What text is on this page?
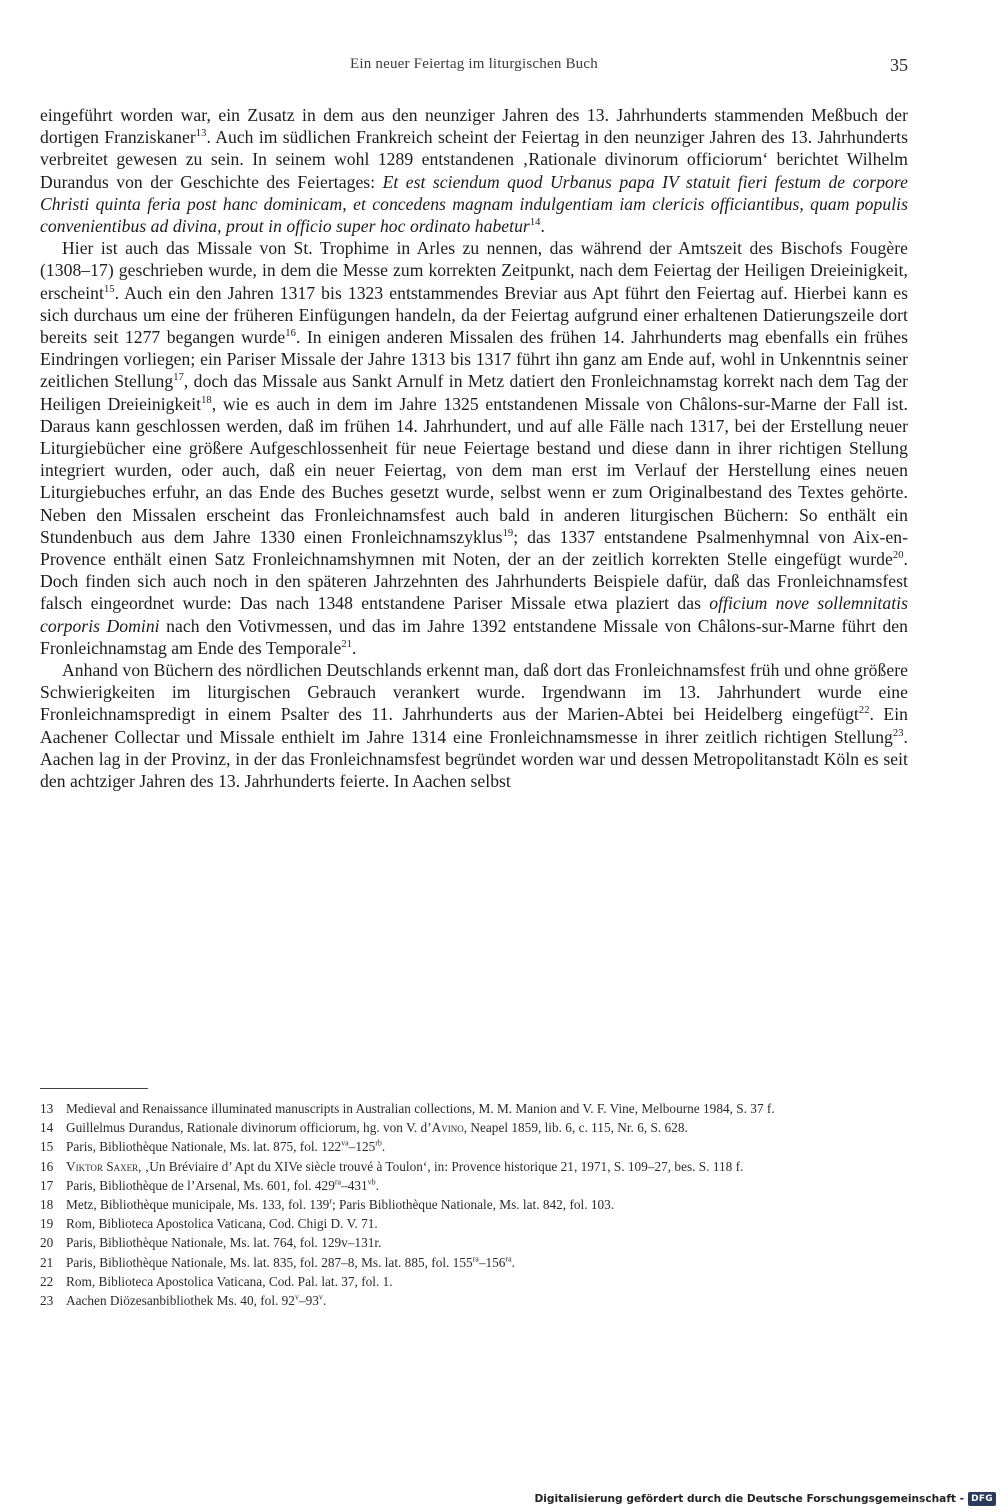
Ein neuer Feiertag im liturgischen Buch	35

eingeführt worden war, ein Zusatz in dem aus den neunziger Jahren des 13. Jahrhunderts stammenden Meßbuch der dortigen Franziskaner$^{13}$. Auch im südlichen Frankreich scheint der Feiertag in den neunziger Jahren des 13. Jahrhunderts verbreitet gewesen zu sein. In seinem wohl 1289 entstandenen ‚Rationale divinorum officiorum‘ berichtet Wilhelm Durandus von der Geschichte des Feiertages: Et est sciendum quod Urbanus papa IV statuit fieri festum de corpore Christi quinta feria post hanc dominicam, et concedens magnam indulgentiam iam clericis officiantibus, quam populis convenientibus ad divina, prout in officio super hoc ordinato habetur$^{14}$.

Hier ist auch das Missale von St. Trophime in Arles zu nennen, das während der Amtszeit des Bischofs Fougère (1308–17) geschrieben wurde, in dem die Messe zum korrekten Zeitpunkt, nach dem Feiertag der Heiligen Dreieinigkeit, erscheint$^{15}$. Auch ein den Jahren 1317 bis 1323 entstammendes Breviar aus Apt führt den Feiertag auf. Hierbei kann es sich durchaus um eine der früheren Einfügungen handeln, da der Feiertag aufgrund einer erhaltenen Datierungszeile dort bereits seit 1277 begangen wurde$^{16}$. In einigen anderen Missalen des frühen 14. Jahrhunderts mag ebenfalls ein frühes Eindringen vorliegen; ein Pariser Missale der Jahre 1313 bis 1317 führt ihn ganz am Ende auf, wohl in Unkenntnis seiner zeitlichen Stellung$^{17}$, doch das Missale aus Sankt Arnulf in Metz datiert den Fronleichnamstag korrekt nach dem Tag der Heiligen Dreieinigkeit$^{18}$, wie es auch in dem im Jahre 1325 entstandenen Missale von Châlons-sur-Marne der Fall ist. Daraus kann geschlossen werden, daß im frühen 14. Jahrhundert, und auf alle Fälle nach 1317, bei der Erstellung neuer Liturgiebücher eine größere Aufgeschlossenheit für neue Feiertage bestand und diese dann in ihrer richtigen Stellung integriert wurden, oder auch, daß ein neuer Feiertag, von dem man erst im Verlauf der Herstellung eines neuen Liturgiebuches erfuhr, an das Ende des Buches gesetzt wurde, selbst wenn er zum Originalbestand des Textes gehörte. Neben den Missalen erscheint das Fronleichnamsfest auch bald in anderen liturgischen Büchern: So enthält ein Stundenbuch aus dem Jahre 1330 einen Fronleichnamszyklus$^{19}$; das 1337 entstandene Psalmenhymnal von Aix-en-Provence enthält einen Satz Fronleichnamshymnen mit Noten, der an der zeitlich korrekten Stelle eingefügt wurde$^{20}$. Doch finden sich auch noch in den späteren Jahrzehnten des Jahrhunderts Beispiele dafür, daß das Fronleichnamsfest falsch eingeordnet wurde: Das nach 1348 entstandene Pariser Missale etwa plaziert das officium nove sollemnitatis corporis Domini nach den Votivmessen, und das im Jahre 1392 entstandene Missale von Châlons-sur-Marne führt den Fronleichnamstag am Ende des Temporale$^{21}$.

Anhand von Büchern des nördlichen Deutschlands erkennt man, daß dort das Fronleichnamsfest früh und ohne größere Schwierigkeiten im liturgischen Gebrauch verankert wurde. Irgendwann im 13. Jahrhundert wurde eine Fronleichnamspredigt in einem Psalter des 11. Jahrhunderts aus der Marien-Abtei bei Heidelberg eingefügt$^{22}$. Ein Aachener Collectar und Missale enthielt im Jahre 1314 eine Fronleichnamsmesse in ihrer zeitlich richtigen Stellung$^{23}$. Aachen lag in der Provinz, in der das Fronleichnamsfest begründet worden war und dessen Metropolitanstadt Köln es seit den achtziger Jahren des 13. Jahrhunderts feierte. In Aachen selbst

13 Medieval and Renaissance illuminated manuscripts in Australian collections, M. M. Manion and V. F. Vine, Melbourne 1984, S. 37 f.
14 Guillelmus Durandus, Rationale divinorum officiorum, hg. von V. d’Avino, Neapel 1859, lib. 6, c. 115, Nr. 6, S. 628.
15 Paris, Bibliothèque Nationale, Ms. lat. 875, fol. $122^{va}-125^{rb}$.
16 Viktor Saxer, ‚Un Bréviaire d’ Apt du XIVe siècle trouvé à Toulon‘, in: Provence historique 21, 1971, S. 109–27, bes. S. 118 f.
17 Paris, Bibliothèque de l’Arsenal, Ms. 601, fol. $429^{ra}-431^{vb}$.
18 Metz, Bibliothèque municipale, Ms. 133, fol. 139$^r$; Paris Bibliothèque Nationale, Ms. lat. 842, fol. 103.
19 Rom, Biblioteca Apostolica Vaticana, Cod. Chigi D. V. 71.
20 Paris, Bibliothèque Nationale, Ms. lat. 764, fol. 129v–131r.
21 Paris, Bibliothèque Nationale, Ms. lat. 835, fol. 287–8, Ms. lat. 885, fol. $155^{ra}-156^{ra}$.
22 Rom, Biblioteca Apostolica Vaticana, Cod. Pal. lat. 37, fol. 1.
23 Aachen Diözesanbibliothek Ms. 40, fol. 92$^v$–93$^v$.
Digitalisierung gefördert durch die Deutsche Forschungsgemeinschaft - DFG
